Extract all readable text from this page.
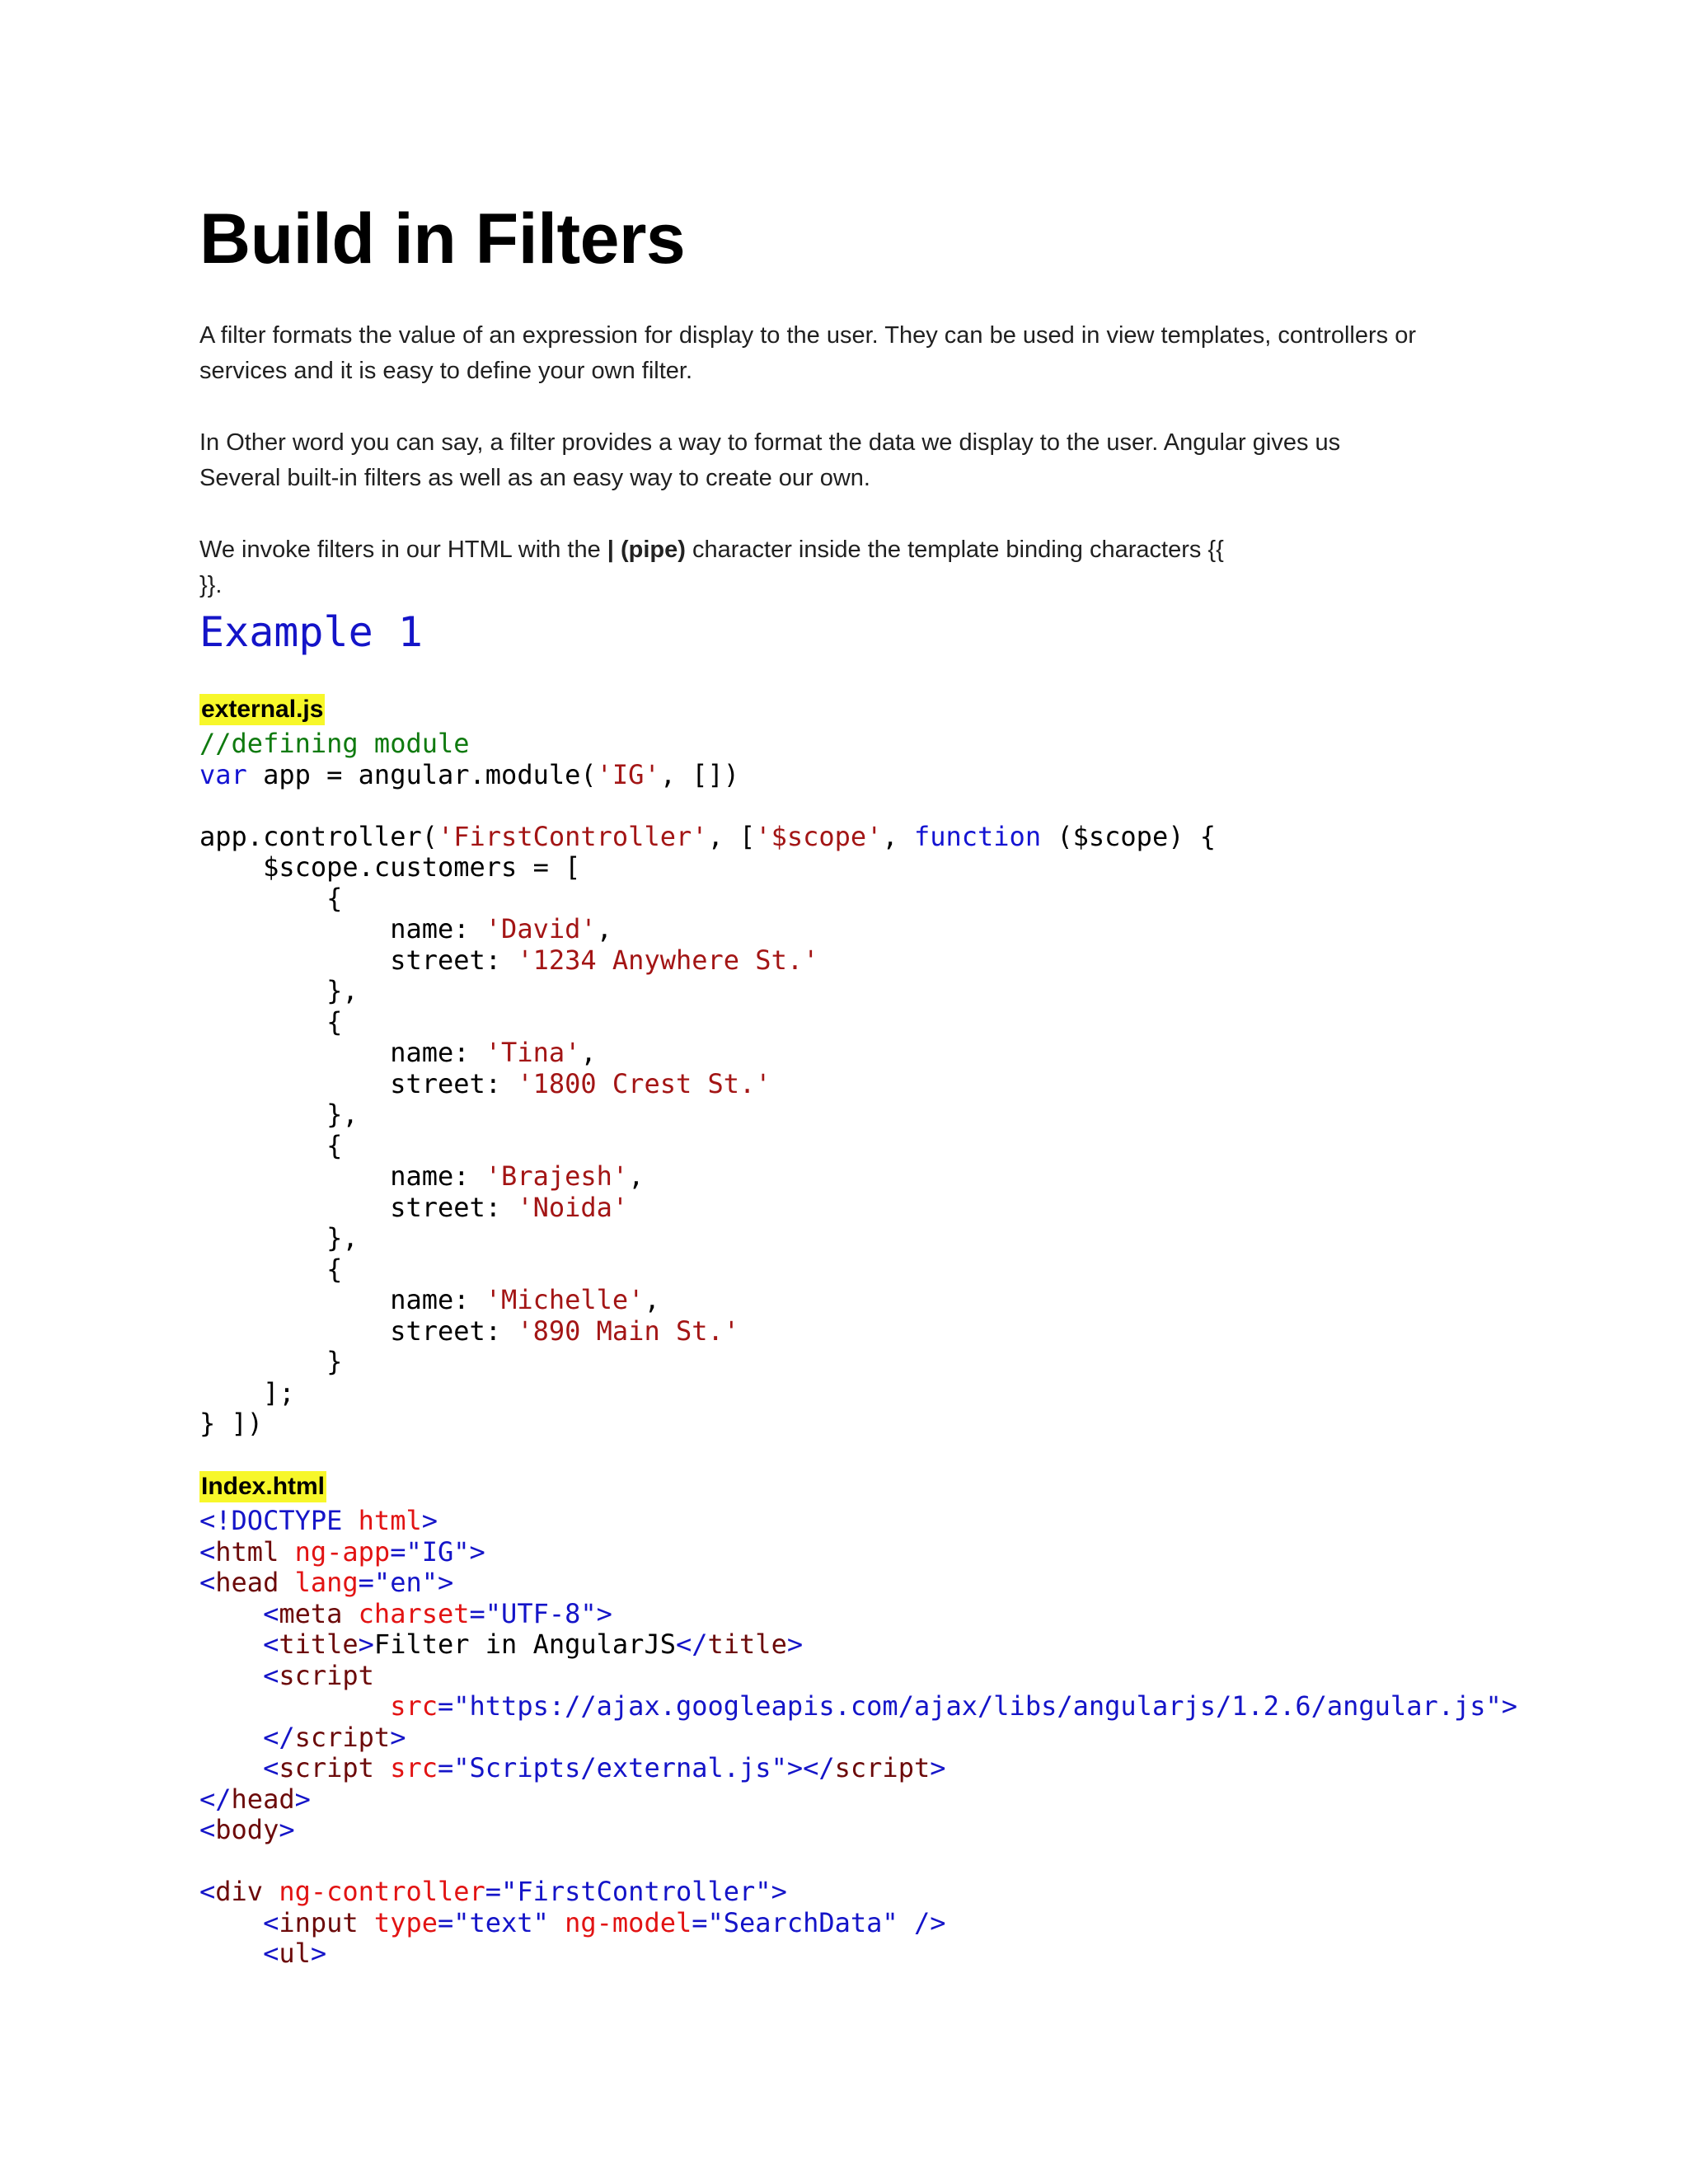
Build in Filters

A filter formats the value of an expression for display to the user. They can be used in view templates, controllers or
services and it is easy to define your own filter.

In Other word you can say, a filter provides a way to format the data we display to the user. Angular gives us
Several built-in filters as well as an easy way to create our own.

We invoke filters in our HTML with the | (pipe) character inside the template binding characters {{
}}.

Example 1
external.js
//defining module
var app = angular.module('IG', [])

app.controller('FirstController', ['$scope', function ($scope) {
$scope.customers = [
{
name: 'David',
street: '1234 Anywhere St.'
},
{
name: 'Tina',
street: '1800 Crest St.'
},
{
name: 'Brajesh',
street: 'Noida'
},
{
name: 'Michelle',
street: '890 Main St.'
}
];
} ])
Index.html
<!DOCTYPE html>
<html ng-app="IG">
<head lang="en">
<meta charset="UTF-8">
<title>Filter in AngularJS</title>
<script
src="https://ajax.googleapis.com/ajax/libs/angularjs/1.2.6/angular.js">
</script>
<script src="Scripts/external.js"></script>
</head>
<body>

<div ng-controller="FirstController">
<input type="text" ng-model="SearchData" />
<ul>
